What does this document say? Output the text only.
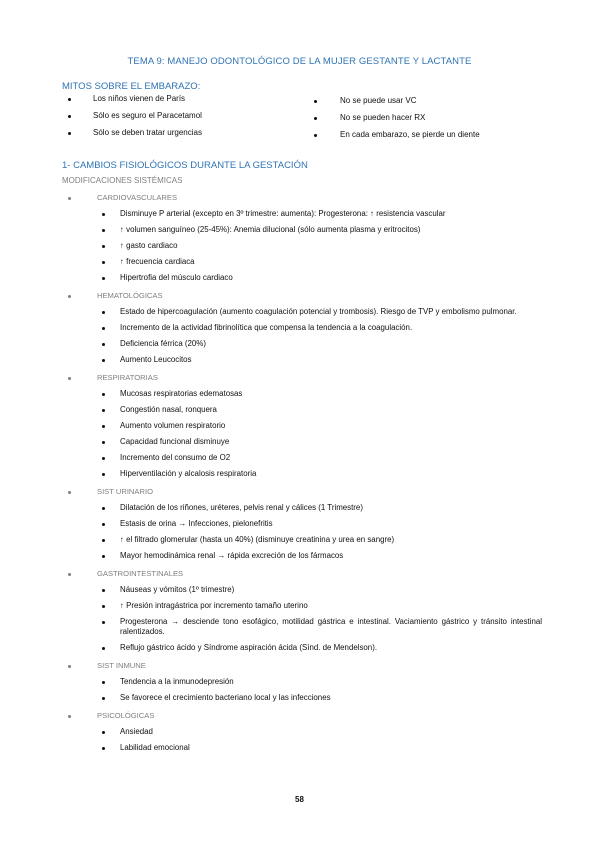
TEMA 9: MANEJO ODONTOLÓGICO DE LA MUJER GESTANTE Y LACTANTE
MITOS SOBRE EL EMBARAZO:
Los niños vienen de París
Sólo es seguro el Paracetamol
Sólo se deben tratar urgencias
No se puede usar VC
No se pueden hacer RX
En cada embarazo, se pierde un diente
1- CAMBIOS FISIOLÓGICOS DURANTE LA GESTACIÓN
MODIFICACIONES SISTÉMICAS
CARDIOVASCULARES
Disminuye P arterial (excepto en 3º trimestre: aumenta): Progesterona: ↑ resistencia vascular
↑ volumen sanguíneo (25-45%): Anemia dilucional (sólo aumenta plasma y eritrocitos)
↑ gasto cardiaco
↑ frecuencia cardiaca
Hipertrofia del músculo cardiaco
HEMATOLÓGICAS
Estado de hipercoagulación (aumento coagulación potencial y trombosis). Riesgo de TVP y embolismo pulmonar.
Incremento de la actividad fibrinolítica que compensa la tendencia a la coagulación.
Deficiencia férrica (20%)
Aumento Leucocitos
RESPIRATORIAS
Mucosas respiratorias edematosas
Congestión nasal, ronquera
Aumento volumen respiratorio
Capacidad funcional disminuye
Incremento del consumo de O2
Hiperventilación y alcalosis respiratoria
SIST URINARIO
Dilatación de los riñones, uréteres, pelvis renal y cálices (1 Trimestre)
Estasis de orina → Infecciones, pielonefritis
↑ el filtrado glomerular (hasta un 40%) (disminuye creatinina y urea en sangre)
Mayor hemodinámica renal → rápida excreción de los fármacos
GASTROINTESTINALES
Náuseas y vómitos (1º trimestre)
↑ Presión intragástrica por incremento tamaño uterino
Progesterona → desciende tono esofágico, motilidad gástrica e intestinal. Vaciamiento gástrico y tránsito intestinal ralentizados.
Reflujo gástrico ácido y Síndrome aspiración ácida (Sínd. de Mendelson).
SIST INMUNE
Tendencia a la inmunodepresión
Se favorece el crecimiento bacteriano local y las infecciones
PSICOLÓGICAS
Ansiedad
Labilidad emocional
58
